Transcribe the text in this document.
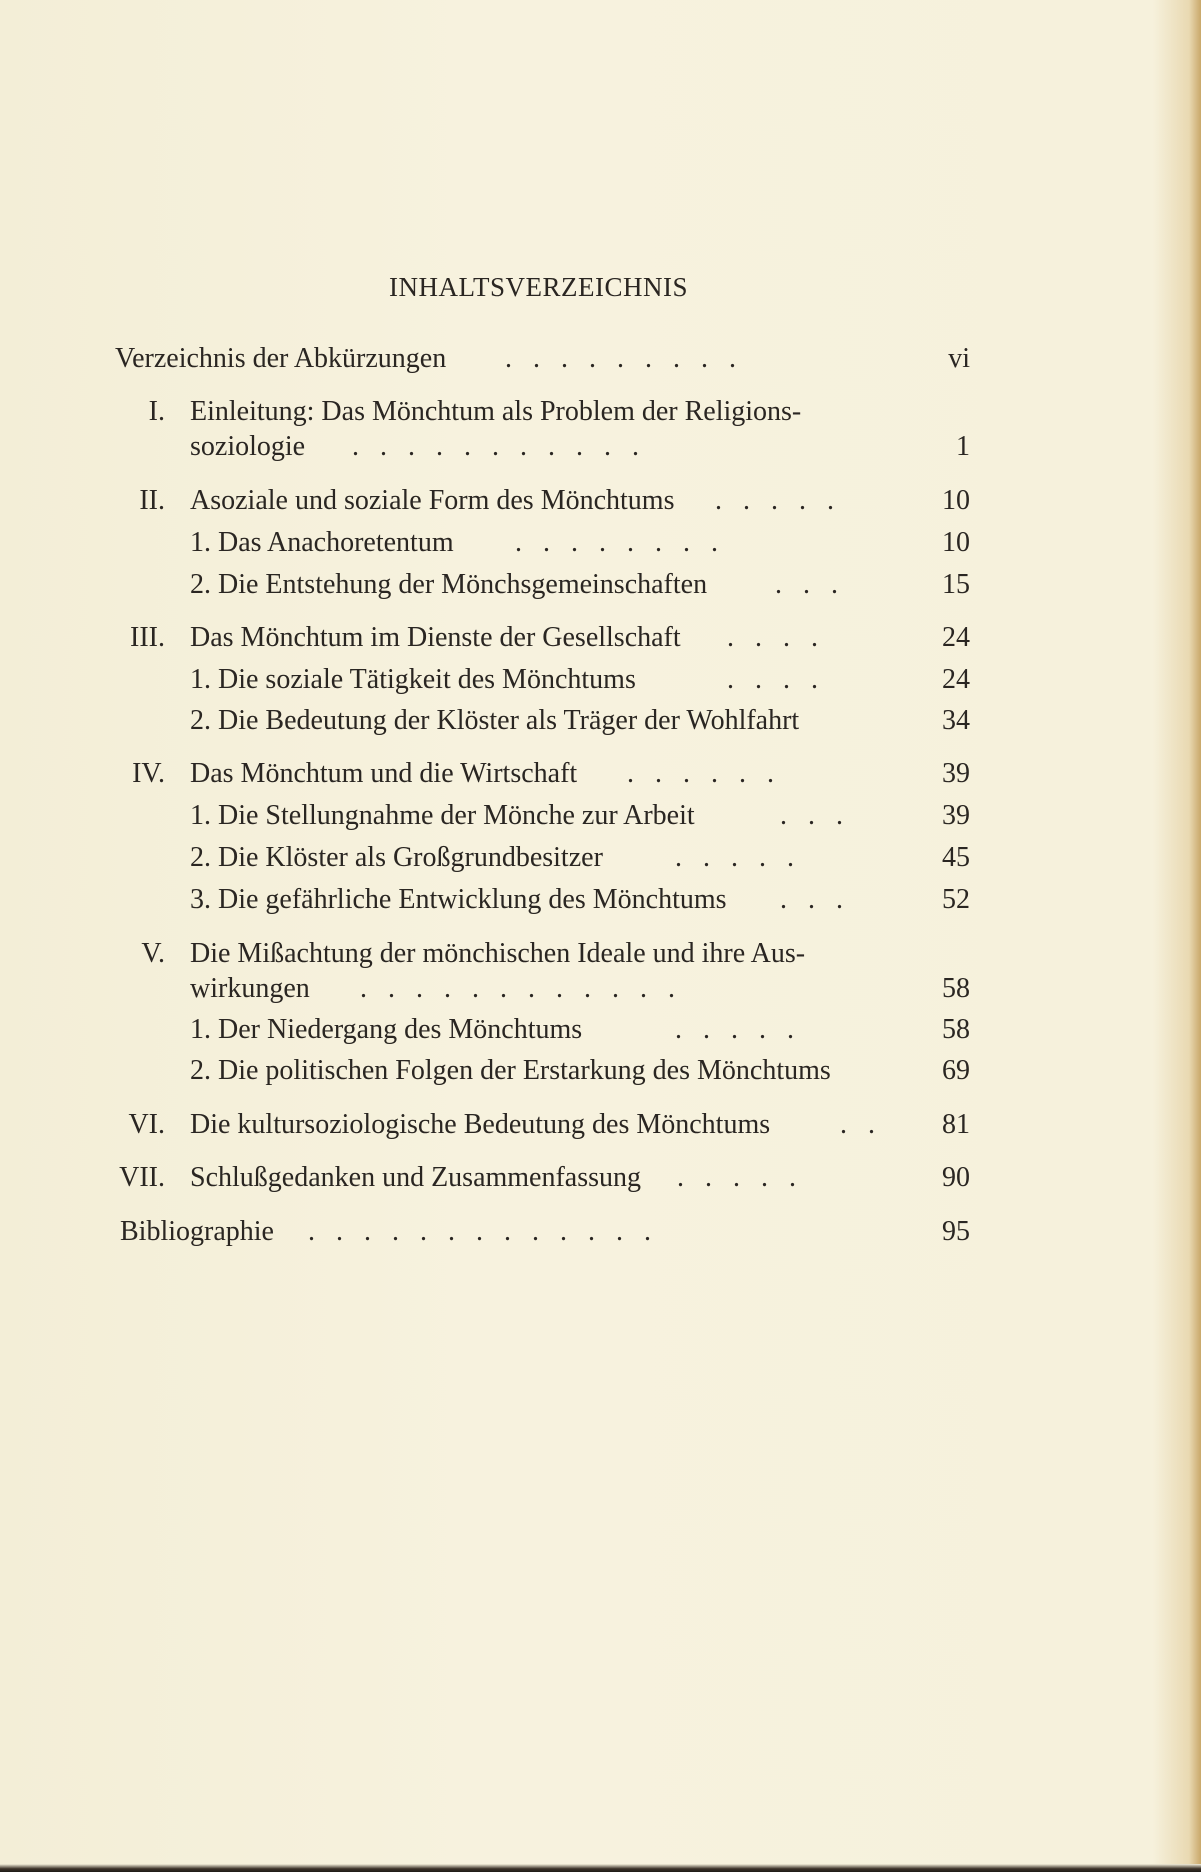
INHALTSVERZEICHNIS
Verzeichnis der Abkürzungen . . . . . . . . .	vi
I. Einleitung: Das Mönchtum als Problem der Religions-
soziologie . . . . . . . . . . .	1
II. Asoziale und soziale Form des Mönchtums . . . . .	10
1. Das Anachoretentum . . . . . . . .	10
2. Die Entstehung der Mönchsgemeinschaften . . .	15
III. Das Mönchtum im Dienste der Gesellschaft . . . .	24
1. Die soziale Tätigkeit des Mönchtums	. . . .	24
2. Die Bedeutung der Klöster als Träger der Wohlfahrt	34
IV. Das Mönchtum und die Wirtschaft . . . . . .	39
1. Die Stellungnahme der Mönche zur Arbeit	. . .	39
2. Die Klöster als Großgrundbesitzer	. . . . .	45
3. Die gefährliche Entwicklung des Mönchtums . . .	52
V. Die Mißachtung der mönchischen Ideale und ihre Aus-
wirkungen . . . . . . . . . . . .	58
1. Der Niedergang des Mönchtums	. . . . .	58
2. Die politischen Folgen der Erstarkung des Mönchtums	69
VI. Die kultursoziologische Bedeutung des Mönchtums . .	81
VII. Schlußgedanken und Zusammenfassung . . . . .	90
Bibliographie . . . . . . . . . . . . .	95
